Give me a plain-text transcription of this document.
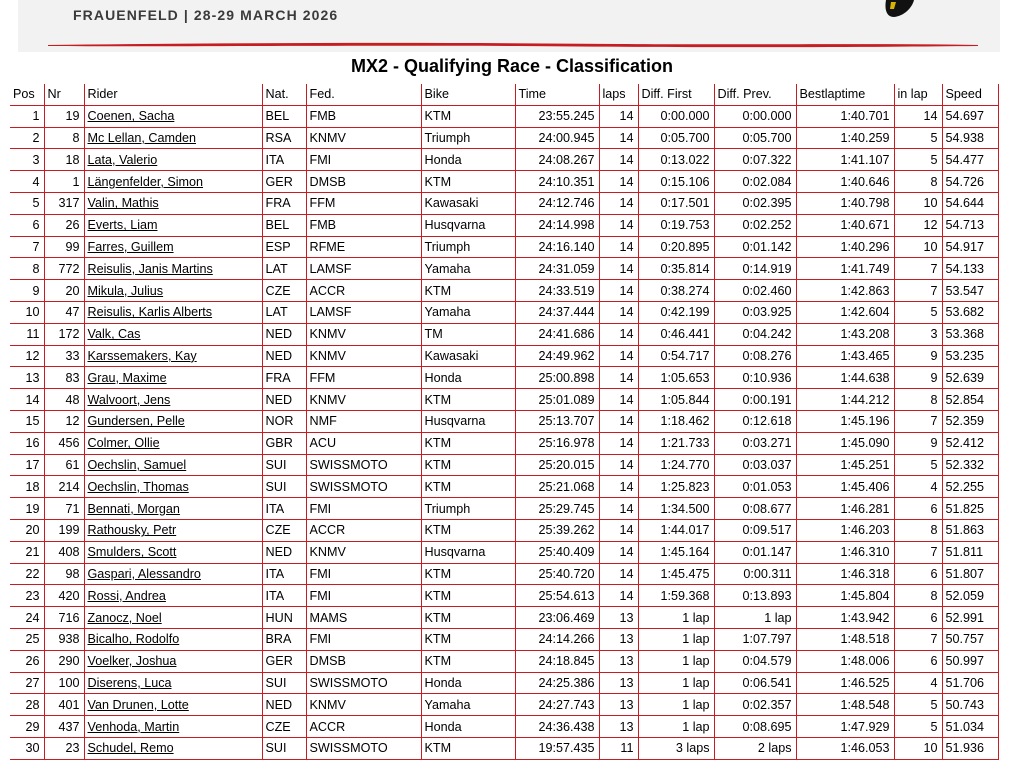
FRAUENFELD | 28-29 MARCH 2026
MX2 - Qualifying Race - Classification
Pos	Nr	Rider	Nat.	Fed.	Bike	Time	laps	Diff. First	Diff. Prev.	Bestlaptime	in lap	Speed
1	19	Coenen, Sacha	BEL	FMB	KTM	23:55.245	14	0:00.000	0:00.000	1:40.701	14	54.697
2	8	Mc Lellan, Camden	RSA	KNMV	Triumph	24:00.945	14	0:05.700	0:05.700	1:40.259	5	54.938
3	18	Lata, Valerio	ITA	FMI	Honda	24:08.267	14	0:13.022	0:07.322	1:41.107	5	54.477
4	1	Längenfelder, Simon	GER	DMSB	KTM	24:10.351	14	0:15.106	0:02.084	1:40.646	8	54.726
5	317	Valin, Mathis	FRA	FFM	Kawasaki	24:12.746	14	0:17.501	0:02.395	1:40.798	10	54.644
6	26	Everts, Liam	BEL	FMB	Husqvarna	24:14.998	14	0:19.753	0:02.252	1:40.671	12	54.713
7	99	Farres, Guillem	ESP	RFME	Triumph	24:16.140	14	0:20.895	0:01.142	1:40.296	10	54.917
8	772	Reisulis, Janis Martins	LAT	LAMSF	Yamaha	24:31.059	14	0:35.814	0:14.919	1:41.749	7	54.133
9	20	Mikula, Julius	CZE	ACCR	KTM	24:33.519	14	0:38.274	0:02.460	1:42.863	7	53.547
10	47	Reisulis, Karlis Alberts	LAT	LAMSF	Yamaha	24:37.444	14	0:42.199	0:03.925	1:42.604	5	53.682
11	172	Valk, Cas	NED	KNMV	TM	24:41.686	14	0:46.441	0:04.242	1:43.208	3	53.368
12	33	Karssemakers, Kay	NED	KNMV	Kawasaki	24:49.962	14	0:54.717	0:08.276	1:43.465	9	53.235
13	83	Grau, Maxime	FRA	FFM	Honda	25:00.898	14	1:05.653	0:10.936	1:44.638	9	52.639
14	48	Walvoort, Jens	NED	KNMV	KTM	25:01.089	14	1:05.844	0:00.191	1:44.212	8	52.854
15	12	Gundersen, Pelle	NOR	NMF	Husqvarna	25:13.707	14	1:18.462	0:12.618	1:45.196	7	52.359
16	456	Colmer, Ollie	GBR	ACU	KTM	25:16.978	14	1:21.733	0:03.271	1:45.090	9	52.412
17	61	Oechslin, Samuel	SUI	SWISSMOTO	KTM	25:20.015	14	1:24.770	0:03.037	1:45.251	5	52.332
18	214	Oechslin, Thomas	SUI	SWISSMOTO	KTM	25:21.068	14	1:25.823	0:01.053	1:45.406	4	52.255
19	71	Bennati, Morgan	ITA	FMI	Triumph	25:29.745	14	1:34.500	0:08.677	1:46.281	6	51.825
20	199	Rathousky, Petr	CZE	ACCR	KTM	25:39.262	14	1:44.017	0:09.517	1:46.203	8	51.863
21	408	Smulders, Scott	NED	KNMV	Husqvarna	25:40.409	14	1:45.164	0:01.147	1:46.310	7	51.811
22	98	Gaspari, Alessandro	ITA	FMI	KTM	25:40.720	14	1:45.475	0:00.311	1:46.318	6	51.807
23	420	Rossi, Andrea	ITA	FMI	KTM	25:54.613	14	1:59.368	0:13.893	1:45.804	8	52.059
24	716	Zanocz, Noel	HUN	MAMS	KTM	23:06.469	13	1 lap	1 lap	1:43.942	6	52.991
25	938	Bicalho, Rodolfo	BRA	FMI	KTM	24:14.266	13	1 lap	1:07.797	1:48.518	7	50.757
26	290	Voelker, Joshua	GER	DMSB	KTM	24:18.845	13	1 lap	0:04.579	1:48.006	6	50.997
27	100	Diserens, Luca	SUI	SWISSMOTO	Honda	24:25.386	13	1 lap	0:06.541	1:46.525	4	51.706
28	401	Van Drunen, Lotte	NED	KNMV	Yamaha	24:27.743	13	1 lap	0:02.357	1:48.548	5	50.743
29	437	Venhoda, Martin	CZE	ACCR	Honda	24:36.438	13	1 lap	0:08.695	1:47.929	5	51.034
30	23	Schudel, Remo	SUI	SWISSMOTO	KTM	19:57.435	11	3 laps	2 laps	1:46.053	10	51.936
